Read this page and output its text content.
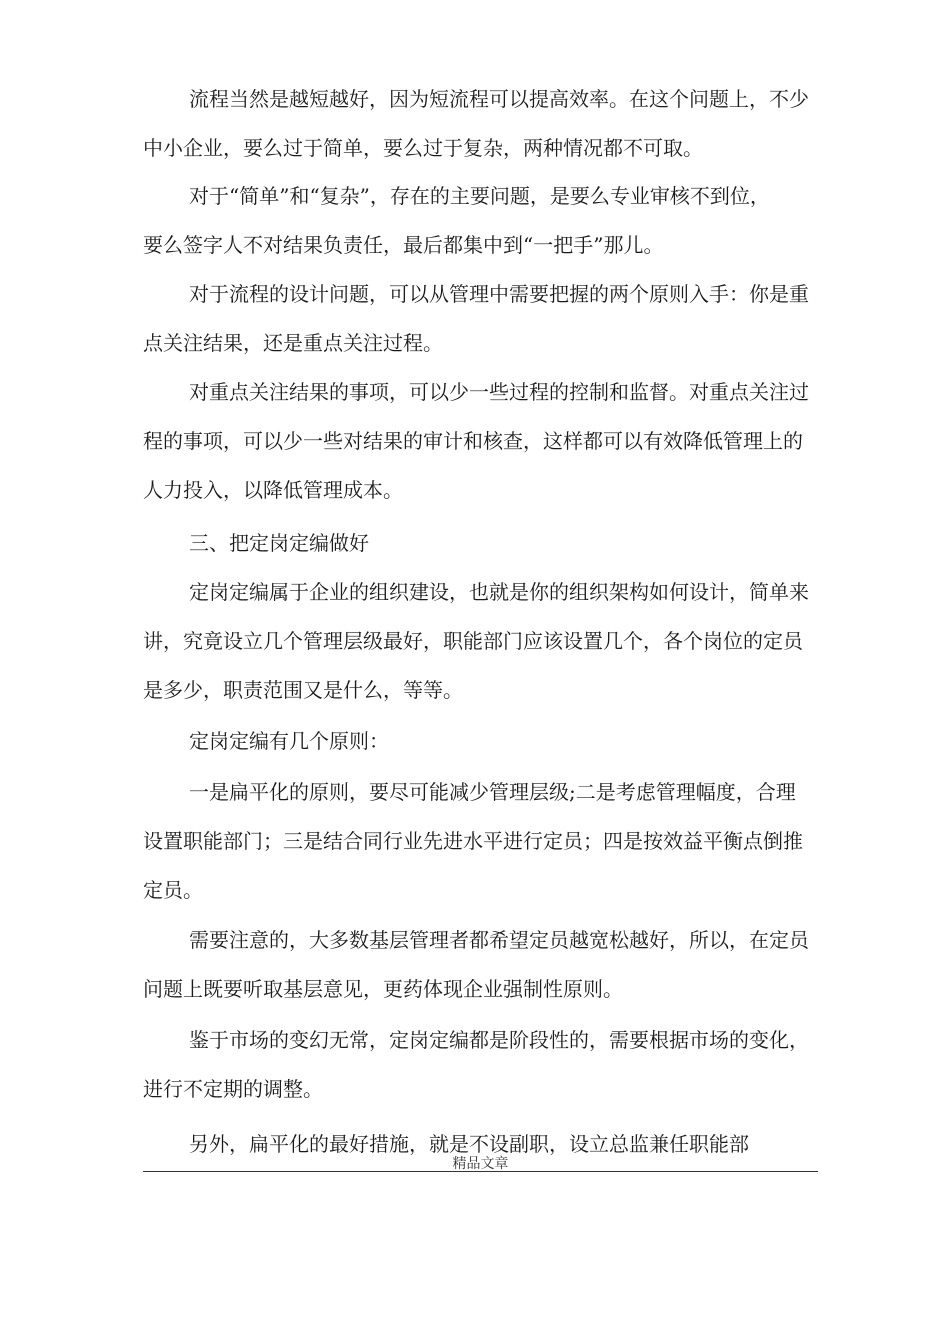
流程当然是越短越好，因为短流程可以提高效率。在这个问题上，不少
中小企业，要么过于简单，要么过于复杂，两种情况都不可取。
对于“简单”和“复杂”，存在的主要问题，是要么专业审核不到位，
要么签字人不对结果负责任，最后都集中到“一把手”那儿。
对于流程的设计问题，可以从管理中需要把握的两个原则入手：你是重
点关注结果，还是重点关注过程。
对重点关注结果的事项，可以少一些过程的控制和监督。对重点关注过
程的事项，可以少一些对结果的审计和核查，这样都可以有效降低管理上的
人力投入，以降低管理成本。
三、把定岗定编做好
定岗定编属于企业的组织建设，也就是你的组织架构如何设计，简单来
讲，究竟设立几个管理层级最好，职能部门应该设置几个，各个岗位的定员
是多少，职责范围又是什么，等等。
定岗定编有几个原则：
一是扁平化的原则，要尽可能减少管理层级;二是考虑管理幅度，合理
设置职能部门；三是结合同行业先进水平进行定员；四是按效益平衡点倒推
定员。
需要注意的，大多数基层管理者都希望定员越宽松越好，所以，在定员
问题上既要听取基层意见，更药体现企业强制性原则。
鉴于市场的变幻无常，定岗定编都是阶段性的，需要根据市场的变化，
进行不定期的调整。
另外，扁平化的最好措施，就是不设副职，设立总监兼任职能部
精品文章
